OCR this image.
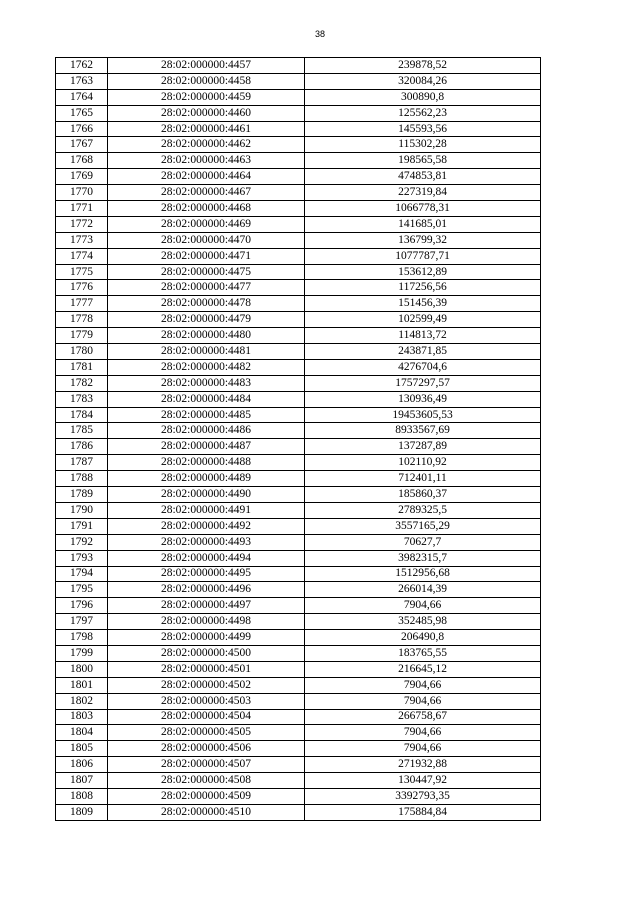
38
1762	28:02:000000:4457	239878,52
1763	28:02:000000:4458	320084,26
1764	28:02:000000:4459	300890,8
1765	28:02:000000:4460	125562,23
1766	28:02:000000:4461	145593,56
1767	28:02:000000:4462	115302,28
1768	28:02:000000:4463	198565,58
1769	28:02:000000:4464	474853,81
1770	28:02:000000:4467	227319,84
1771	28:02:000000:4468	1066778,31
1772	28:02:000000:4469	141685,01
1773	28:02:000000:4470	136799,32
1774	28:02:000000:4471	1077787,71
1775	28:02:000000:4475	153612,89
1776	28:02:000000:4477	117256,56
1777	28:02:000000:4478	151456,39
1778	28:02:000000:4479	102599,49
1779	28:02:000000:4480	114813,72
1780	28:02:000000:4481	243871,85
1781	28:02:000000:4482	4276704,6
1782	28:02:000000:4483	1757297,57
1783	28:02:000000:4484	130936,49
1784	28:02:000000:4485	19453605,53
1785	28:02:000000:4486	8933567,69
1786	28:02:000000:4487	137287,89
1787	28:02:000000:4488	102110,92
1788	28:02:000000:4489	712401,11
1789	28:02:000000:4490	185860,37
1790	28:02:000000:4491	2789325,5
1791	28:02:000000:4492	3557165,29
1792	28:02:000000:4493	70627,7
1793	28:02:000000:4494	3982315,7
1794	28:02:000000:4495	1512956,68
1795	28:02:000000:4496	266014,39
1796	28:02:000000:4497	7904,66
1797	28:02:000000:4498	352485,98
1798	28:02:000000:4499	206490,8
1799	28:02:000000:4500	183765,55
1800	28:02:000000:4501	216645,12
1801	28:02:000000:4502	7904,66
1802	28:02:000000:4503	7904,66
1803	28:02:000000:4504	266758,67
1804	28:02:000000:4505	7904,66
1805	28:02:000000:4506	7904,66
1806	28:02:000000:4507	271932,88
1807	28:02:000000:4508	130447,92
1808	28:02:000000:4509	3392793,35
1809	28:02:000000:4510	175884,84
